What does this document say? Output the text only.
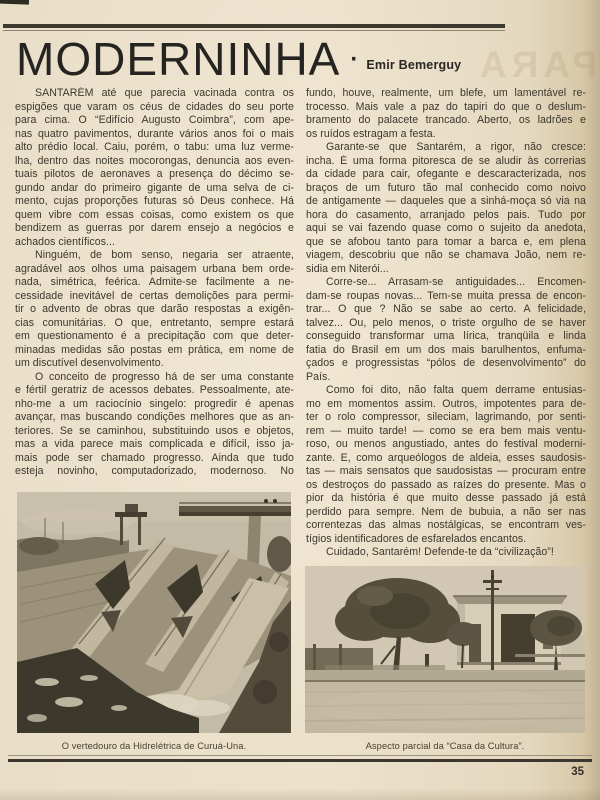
PARA
MODERNINHA · Emir Bemerguy
SANTARÉM até que parecia vacinada contra os
espigões que varam os céus de cidades do seu porte
para cima. O “Edifício Augusto Coimbra”, com ape-
nas quatro pavimentos, durante vários anos foi o mais
alto prédio local. Caiu, porém, o tabu: uma luz verme-
lha, dentro das noites mocorongas, denuncia aos even-
tuais pilotos de aeronaves a presença do décimo se-
gundo andar do primeiro gigante de uma selva de ci-
mento, cujas proporções futuras só Deus conhece. Há
quem vibre com essas coisas, como existem os que
bendizem as guerras por darem ensejo a negócios e
achados científicos...
Ninguém, de bom senso, negaria ser atraente,
agradável aos olhos uma paisagem urbana bem orde-
nada, simétrica, feérica. Admite-se facilmente a ne-
cessidade inevitável de certas demolições para permi-
tir o advento de obras que darão respostas a exigên-
cias comunitárias. O que, entretanto, sempre estará
em questionamento é a precipitação com que deter-
minadas medidas são postas em prática, em nome de
um discutível desenvolvimento.
O conceito de progresso há de ser uma constante
e fértil geratriz de acessos debates. Pessoalmente, ate-
nho-me a um raciocínio singelo: progredir é apenas
avançar, mas buscando condições melhores que as an-
teriores. Se se caminhou, substituindo usos e objetos,
mas a vida parece mais complicada e difícil, isso ja-
mais pode ser chamado progresso. Ainda que tudo
esteja novinho, computadorizado, modernoso. No
fundo, houve, realmente, um blefe, um lamentável re-
trocesso. Mais vale a paz do tapiri do que o deslum-
bramento do palacete trancado. Aberto, os ladrões e
os ruídos estragam a festa.
Garante-se que Santarém, a rigor, não cresce:
incha. É uma forma pitoresca de se aludir às correrias
da cidade para cair, ofegante e descaracterizada, nos
braços de um futuro tão mal conhecido como noivo
de antigamente — daqueles que a sinhá-moça só via na
hora do casamento, arranjado pelos pais. Tudo por
aqui se vai fazendo quase como o sujeito da anedota,
que se afobou tanto para tomar a barca e, em plena
viagem, descobriu que não se chamava João, nem re-
sidia em Niterói...
Corre-se... Arrasam-se antiguidades... Encomen-
dam-se roupas novas... Tem-se muita pressa de encon-
trar... O que ? Não se sabe ao certo. A felicidade,
talvez... Ou, pelo menos, o triste orgulho de se haver
conseguido transformar uma lírica, tranqüila e linda
fatia do Brasil em um dos mais barulhentos, enfuma-
çados e progressistas “pólos de desenvolvimento” do
País.
Como foi dito, não falta quem derrame entusias-
mo em momentos assim. Outros, impotentes para de-
ter o rolo compressor, sileciam, lagrimando, por senti-
rem — muito tarde! — como se era bem mais ventu-
roso, ou menos angustiado, antes do festival moderni-
zante. E, como arqueólogos de aldeia, esses saudosis-
tas — mais sensatos que saudosistas — procuram entre
os destroços do passado as raízes do presente. Mas o
pior da história é que muito desse passado já está
perdido para sempre. Nem de bubuia, a não ser nas
correntezas das almas nostálgicas, se encontram ves-
tígios identificadores de esfarelados encantos.
Cuidado, Santarém! Defende-te da “civilização”!
O vertedouro da Hidrelétrica de Curuá-Una.	Aspecto parcial da “Casa da Cultura”.
35
